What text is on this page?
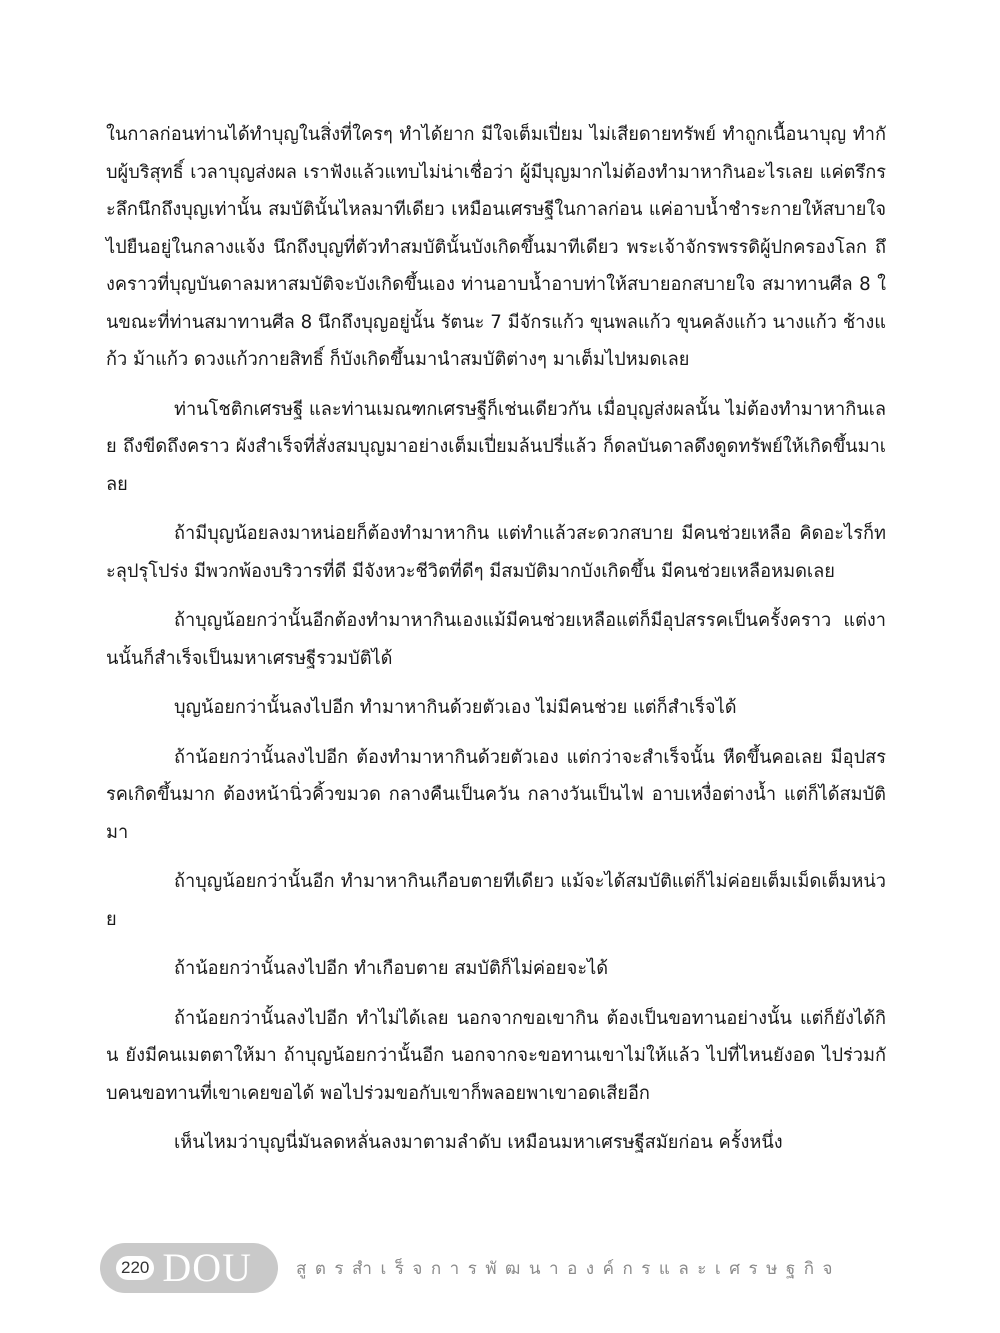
ในกาลก่อนท่านได้ทำบุญในสิ่งที่ใครๆ ทำได้ยาก มีใจเต็มเปี่ยม ไม่เสียดายทรัพย์ ทำถูกเนื้อนาบุญ ทำกับผู้บริสุทธิ์ เวลาบุญส่งผล เราฟังแล้วแทบไม่น่าเชื่อว่า ผู้มีบุญมากไม่ต้องทำมาหากินอะไรเลย แค่ตรึกระลึกนึกถึงบุญเท่านั้น สมบัตินั้นไหลมาทีเดียว เหมือนเศรษฐีในกาลก่อน แค่อาบน้ำชำระกายให้สบายใจ ไปยืนอยู่ในกลางแจ้ง นึกถึงบุญที่ตัวทำสมบัตินั้นบังเกิดขึ้นมาทีเดียว พระเจ้าจักรพรรดิผู้ปกครองโลก ถึงคราวที่บุญบันดาลมหาสมบัติจะบังเกิดขึ้นเอง ท่านอาบน้ำอาบท่าให้สบายอกสบายใจ สมาทานศีล 8 ในขณะที่ท่านสมาทานศีล 8 นึกถึงบุญอยู่นั้น รัตนะ 7 มีจักรแก้ว ขุนพลแก้ว ขุนคลังแก้ว นางแก้ว ช้างแก้ว ม้าแก้ว ดวงแก้วกายสิทธิ์ ก็บังเกิดขึ้นมานำสมบัติต่างๆ มาเต็มไปหมดเลย

ท่านโชติกเศรษฐี และท่านเมณฑกเศรษฐีก็เช่นเดียวกัน เมื่อบุญส่งผลนั้น ไม่ต้องทำมาหากินเลย ถึงขีดถึงคราว ผังสำเร็จที่สั่งสมบุญมาอย่างเต็มเปี่ยมล้นปรี่แล้ว ก็ดลบันดาลดึงดูดทรัพย์ให้เกิดขึ้นมาเลย

ถ้ามีบุญน้อยลงมาหน่อยก็ต้องทำมาหากิน แต่ทำแล้วสะดวกสบาย มีคนช่วยเหลือ คิดอะไรก็ทะลุปรุโปร่ง มีพวกพ้องบริวารที่ดี มีจังหวะชีวิตที่ดีๆ มีสมบัติมากบังเกิดขึ้น มีคนช่วยเหลือหมดเลย

ถ้าบุญน้อยกว่านั้นอีกต้องทำมาหากินเองแม้มีคนช่วยเหลือแต่ก็มีอุปสรรคเป็นครั้งคราว แต่งานนั้นก็สำเร็จเป็นมหาเศรษฐีรวมบัติได้

บุญน้อยกว่านั้นลงไปอีก ทำมาหากินด้วยตัวเอง ไม่มีคนช่วย แต่ก็สำเร็จได้

ถ้าน้อยกว่านั้นลงไปอีก ต้องทำมาหากินด้วยตัวเอง แต่กว่าจะสำเร็จนั้น หืดขึ้นคอเลย มีอุปสรรคเกิดขึ้นมาก ต้องหน้านิ่วคิ้วขมวด กลางคืนเป็นควัน กลางวันเป็นไฟ อาบเหงื่อต่างน้ำ แต่ก็ได้สมบัติมา

ถ้าบุญน้อยกว่านั้นอีก ทำมาหากินเกือบตายทีเดียว แม้จะได้สมบัติแต่ก็ไม่ค่อยเต็มเม็ดเต็มหน่วย

ถ้าน้อยกว่านั้นลงไปอีก ทำเกือบตาย สมบัติก็ไม่ค่อยจะได้

ถ้าน้อยกว่านั้นลงไปอีก ทำไม่ได้เลย นอกจากขอเขากิน ต้องเป็นขอทานอย่างนั้น แต่ก็ยังได้กิน ยังมีคนเมตตาให้มา ถ้าบุญน้อยกว่านั้นอีก นอกจากจะขอทานเขาไม่ให้แล้ว ไปที่ไหนยังอด ไปร่วมกับคนขอทานที่เขาเคยขอได้ พอไปร่วมขอกับเขาก็พลอยพาเขาอดเสียอีก

เห็นไหมว่าบุญนี่มันลดหลั่นลงมาตามลำดับ เหมือนมหาเศรษฐีสมัยก่อน ครั้งหนึ่ง

220 DOU	สูตรสำเร็จการพัฒนาองค์กรและเศรษฐกิจ
